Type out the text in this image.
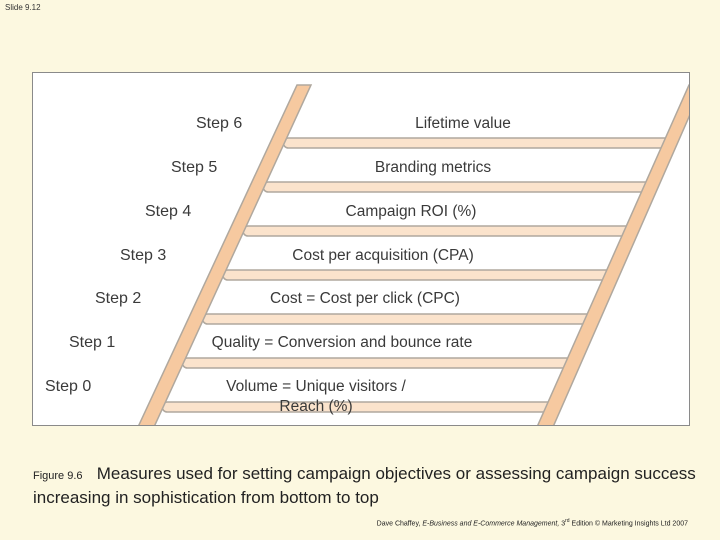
Slide 9.12
Step 6
Step 5
Step 4
Step 3
Step 2
Step 1
Step 0
Lifetime value
Branding metrics
Campaign ROI (%)
Cost per acquisition (CPA)
Cost = Cost per click (CPC)
Quality = Conversion and bounce rate
Volume = Unique visitors /
Reach (%)
Figure 9.6 Measures used for setting campaign objectives or assessing campaign success increasing in sophistication from bottom to top
Dave Chaffey, E-Business and E-Commerce Management, 3rd Edition © Marketing Insights Ltd 2007
